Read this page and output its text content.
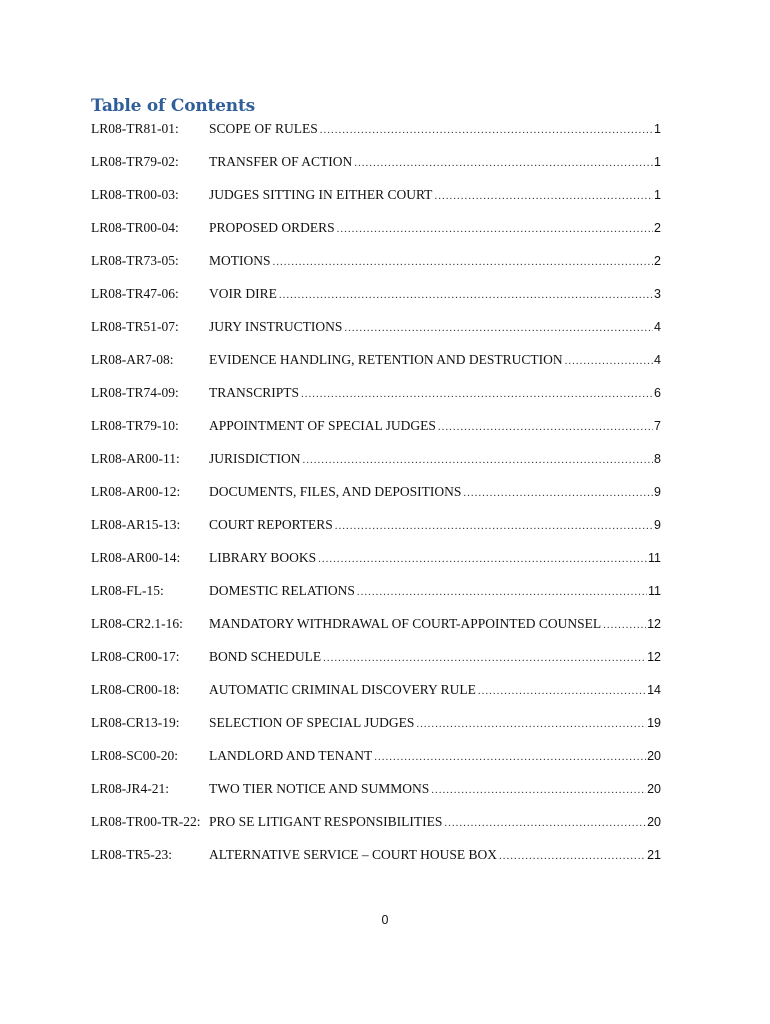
Table of Contents
LR08-TR81-01:	SCOPE OF RULES .....	1
LR08-TR79-02:	TRANSFER OF ACTION .....	1
LR08-TR00-03:	JUDGES SITTING IN EITHER COURT .....	1
LR08-TR00-04:	PROPOSED ORDERS .....	2
LR08-TR73-05:	MOTIONS .....	2
LR08-TR47-06:	VOIR DIRE .....	3
LR08-TR51-07:	JURY INSTRUCTIONS .....	4
LR08-AR7-08:	EVIDENCE HANDLING, RETENTION AND DESTRUCTION .....	4
LR08-TR74-09:	TRANSCRIPTS .....	6
LR08-TR79-10:	APPOINTMENT OF SPECIAL JUDGES .....	7
LR08-AR00-11:	JURISDICTION .....	8
LR08-AR00-12:	DOCUMENTS, FILES, AND DEPOSITIONS .....	9
LR08-AR15-13:	COURT REPORTERS .....	9
LR08-AR00-14:	LIBRARY BOOKS .....	11
LR08-FL-15:	DOMESTIC RELATIONS .....	11
LR08-CR2.1-16:	MANDATORY WITHDRAWAL OF COURT-APPOINTED COUNSEL .....	12
LR08-CR00-17:	BOND SCHEDULE .....	12
LR08-CR00-18:	AUTOMATIC CRIMINAL DISCOVERY RULE .....	14
LR08-CR13-19:	SELECTION OF SPECIAL JUDGES .....	19
LR08-SC00-20:	LANDLORD AND TENANT .....	20
LR08-JR4-21:	TWO TIER NOTICE AND SUMMONS .....	20
LR08-TR00-TR-22: PRO SE LITIGANT RESPONSIBILITIES .....	20
LR08-TR5-23:	ALTERNATIVE SERVICE – COURT HOUSE BOX .....	21

0
